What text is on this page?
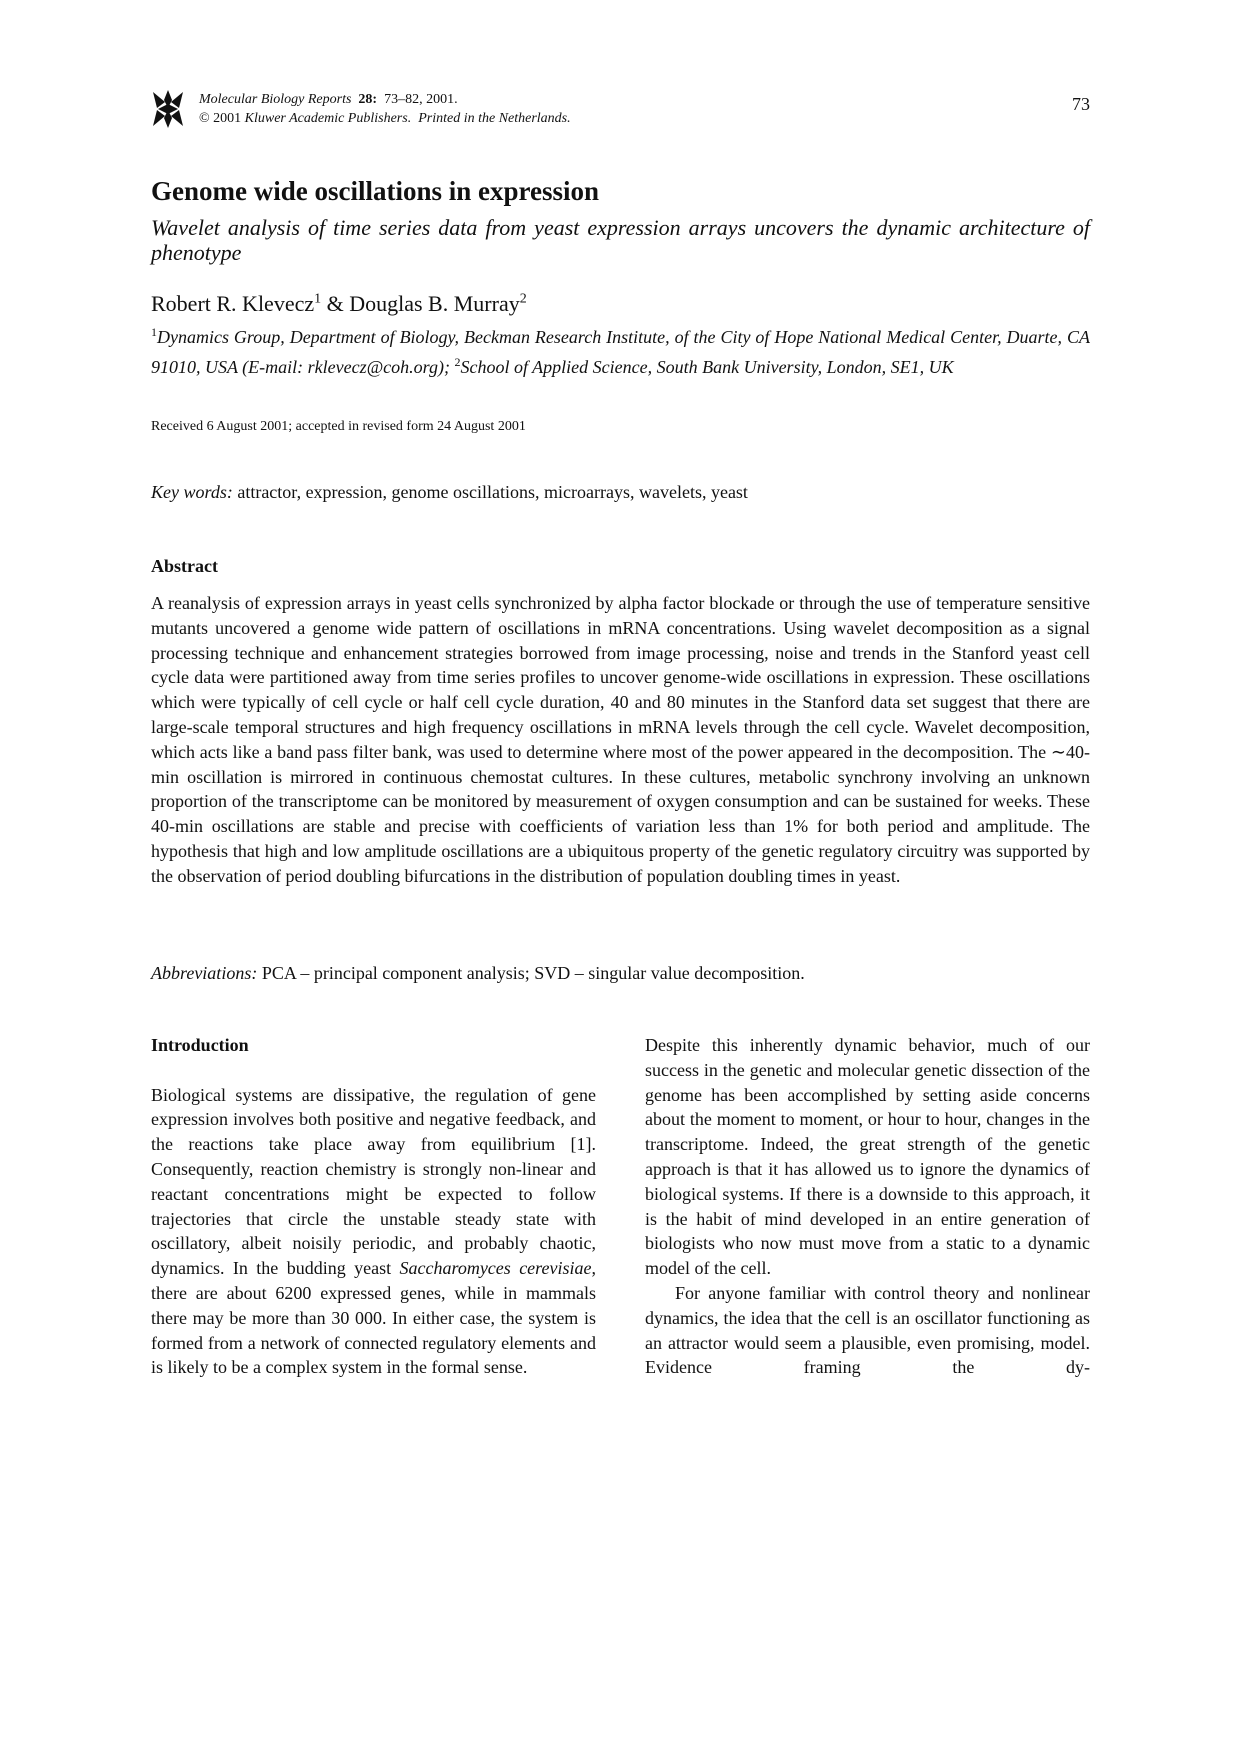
Molecular Biology Reports 28: 73–82, 2001.
© 2001 Kluwer Academic Publishers. Printed in the Netherlands.
73
Genome wide oscillations in expression

Wavelet analysis of time series data from yeast expression arrays uncovers the dynamic architecture of phenotype

Robert R. Klevecz$^1$ & Douglas B. Murray$^2$
$^1$Dynamics Group, Department of Biology, Beckman Research Institute, of the City of Hope National Medical Center, Duarte, CA 91010, USA (E-mail: rklevecz@coh.org); $^2$School of Applied Science, South Bank University, London, SE1, UK
Received 6 August 2001; accepted in revised form 24 August 2001
Key words: attractor, expression, genome oscillations, microarrays, wavelets, yeast
Abstract

A reanalysis of expression arrays in yeast cells synchronized by alpha factor blockade or through the use of temperature sensitive mutants uncovered a genome wide pattern of oscillations in mRNA concentrations. Using wavelet decomposition as a signal processing technique and enhancement strategies borrowed from image processing, noise and trends in the Stanford yeast cell cycle data were partitioned away from time series profiles to uncover genome-wide oscillations in expression. These oscillations which were typically of cell cycle or half cell cycle duration, 40 and 80 minutes in the Stanford data set suggest that there are large-scale temporal structures and high frequency oscillations in mRNA levels through the cell cycle. Wavelet decomposition, which acts like a band pass filter bank, was used to determine where most of the power appeared in the decomposition. The ∼40-min oscillation is mirrored in continuous chemostat cultures. In these cultures, metabolic synchrony involving an unknown proportion of the transcriptome can be monitored by measurement of oxygen consumption and can be sustained for weeks. These 40-min oscillations are stable and precise with coefficients of variation less than 1% for both period and amplitude. The hypothesis that high and low amplitude oscillations are a ubiquitous property of the genetic regulatory circuitry was supported by the observation of period doubling bifurcations in the distribution of population doubling times in yeast.

Abbreviations: PCA – principal component analysis; SVD – singular value decomposition.

Introduction

Biological systems are dissipative, the regulation of gene expression involves both positive and negative feedback, and the reactions take place away from equilibrium [1]. Consequently, reaction chemistry is strongly non-linear and reactant concentrations might be expected to follow trajectories that circle the unstable steady state with oscillatory, albeit noisily periodic, and probably chaotic, dynamics. In the budding yeast Saccharomyces cerevisiae, there are about 6200 expressed genes, while in mammals there may be more than 30 000. In either case, the system is formed from a network of connected regulatory elements and is likely to be a complex system in the formal sense.

Despite this inherently dynamic behavior, much of our success in the genetic and molecular genetic dissection of the genome has been accomplished by setting aside concerns about the moment to moment, or hour to hour, changes in the transcriptome. Indeed, the great strength of the genetic approach is that it has allowed us to ignore the dynamics of biological systems. If there is a downside to this approach, it is the habit of mind developed in an entire generation of biologists who now must move from a static to a dynamic model of the cell.

For anyone familiar with control theory and nonlinear dynamics, the idea that the cell is an oscillator functioning as an attractor would seem a plausible, even promising, model. Evidence framing the dy-
